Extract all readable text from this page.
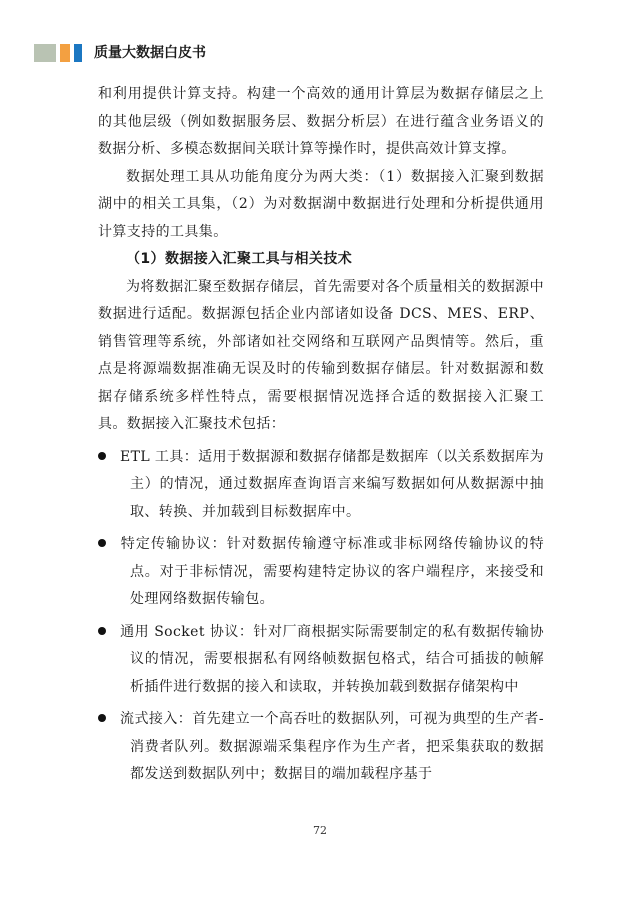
质量大数据白皮书

和利用提供计算支持。构建一个高效的通用计算层为数据存储层之上的其他层级（例如数据服务层、数据分析层）在进行蕴含业务语义的数据分析、多模态数据间关联计算等操作时，提供高效计算支撑。

数据处理工具从功能角度分为两大类：（1）数据接入汇聚到数据湖中的相关工具集，（2）为对数据湖中数据进行处理和分析提供通用计算支持的工具集。

（1）数据接入汇聚工具与相关技术

为将数据汇聚至数据存储层，首先需要对各个质量相关的数据源中数据进行适配。数据源包括企业内部诸如设备 DCS、MES、ERP、销售管理等系统，外部诸如社交网络和互联网产品舆情等。然后，重点是将源端数据准确无误及时的传输到数据存储层。针对数据源和数据存储系统多样性特点，需要根据情况选择合适的数据接入汇聚工具。数据接入汇聚技术包括：

ETL 工具：适用于数据源和数据存储都是数据库（以关系数据库为主）的情况，通过数据库查询语言来编写数据如何从数据源中抽取、转换、并加载到目标数据库中。

特定传输协议：针对数据传输遵守标准或非标网络传输协议的特点。对于非标情况，需要构建特定协议的客户端程序，来接受和处理网络数据传输包。

通用 Socket 协议：针对厂商根据实际需要制定的私有数据传输协议的情况，需要根据私有网络帧数据包格式，结合可插拔的帧解析插件进行数据的接入和读取，并转换加载到数据存储架构中

流式接入：首先建立一个高吞吐的数据队列，可视为典型的生产者-消费者队列。数据源端采集程序作为生产者，把采集获取的数据都发送到数据队列中；数据目的端加载程序基于

72
